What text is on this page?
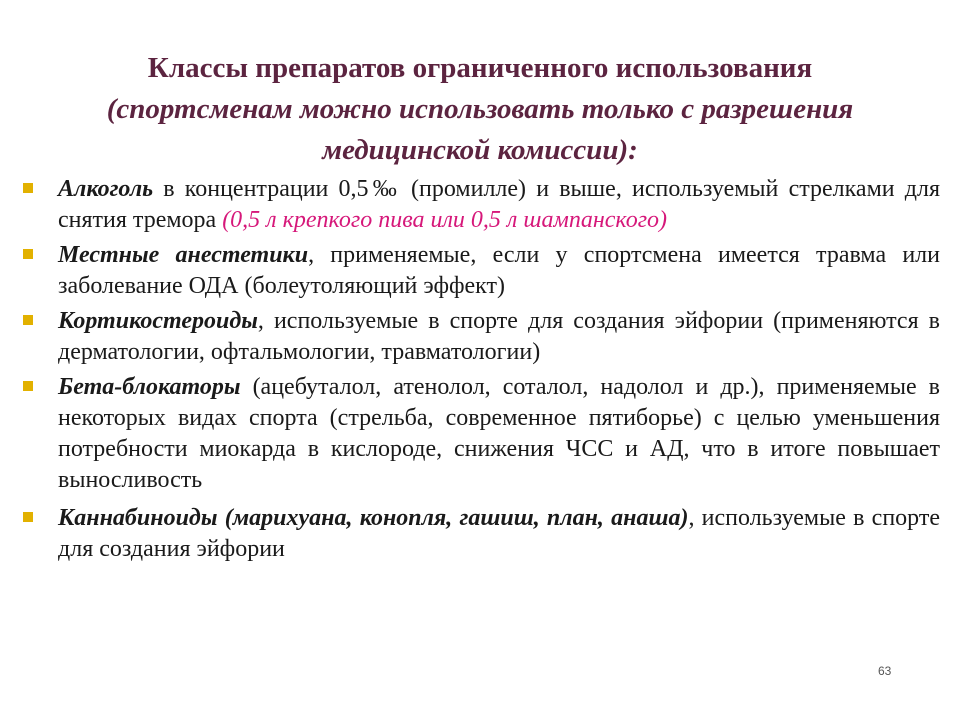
Классы препаратов ограниченного использования
(спортсменам можно использовать только с разрешения медицинской комиссии):
Алкоголь в концентрации 0,5‰ (промилле) и выше, используемый стрелками для снятия тремора (0,5 л крепкого пива или 0,5 л шампанского)
Местные анестетики, применяемые, если у спортсмена имеется травма или заболевание ОДА (болеутоляющий эффект)
Кортикостероиды, используемые в спорте для создания эйфории (применяются в дерматологии, офтальмологии, травматологии)
Бета-блокаторы (ацебуталол, атенолол, соталол, надолол и др.), применяемые в некоторых видах спорта (стрельба, современное пятиборье) с целью уменьшения потребности миокарда в кислороде, снижения ЧСС и АД, что в итоге повышает выносливость
Каннабиноиды (марихуана, конопля, гашиш, план, анаша), используемые в спорте для создания эйфории
63
